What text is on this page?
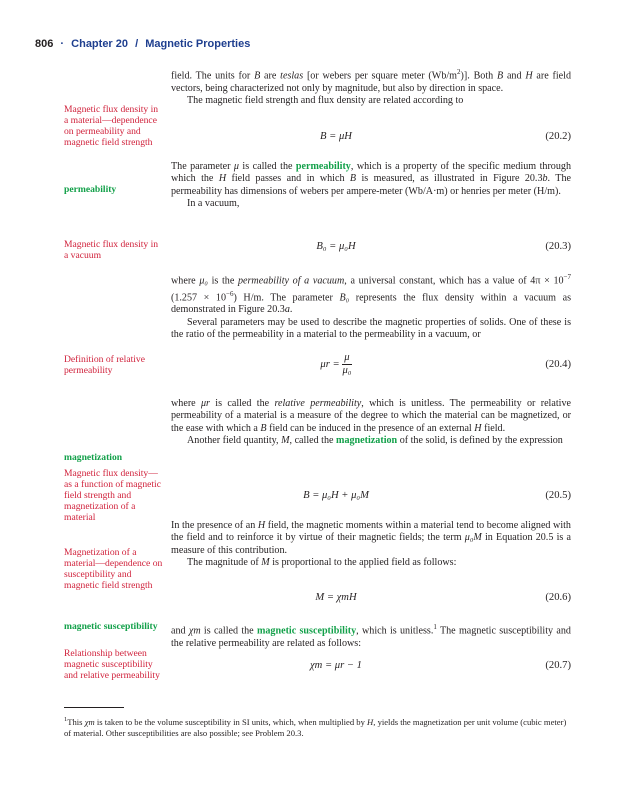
806 · Chapter 20 / Magnetic Properties
Magnetic flux density in a material—dependence on permeability and magnetic field strength
permeability
Magnetic flux density in a vacuum
Definition of relative permeability
magnetization
Magnetic flux density—as a function of magnetic field strength and magnetization of a material
Magnetization of a material—dependence on susceptibility and magnetic field strength
magnetic susceptibility
Relationship between magnetic susceptibility and relative permeability

field. The units for B are teslas [or webers per square meter $(Wb/m^2)$]. Both B and H are field vectors, being characterized not only by magnitude, but also by direction in space.

The magnetic field strength and flux density are related according to

B = μH	(20.2)

The parameter μ is called the permeability, which is a property of the specific medium through which the H field passes and in which B is measured, as illustrated in Figure 20.3b. The permeability has dimensions of webers per ampere-meter (Wb/A·m) or henries per meter (H/m).

In a vacuum,

B₀ = μ₀H	(20.3)

where μ₀ is the permeability of a vacuum, a universal constant, which has a value of $4\pi \times 10^{-7}$ $(1.257 \times 10^{-6})$ H/m. The parameter B₀ represents the flux density within a vacuum as demonstrated in Figure 20.3a.

Several parameters may be used to describe the magnetic properties of solids. One of these is the ratio of the permeability in a material to the permeability in a vacuum, or

$\mu r = \frac{\mu}{\text{μ₀}}$	(20.4)

where μr is called the relative permeability, which is unitless. The permeability or relative permeability of a material is a measure of the degree to which the material can be magnetized, or the ease with which a B field can be induced in the presence of an external H field.

Another field quantity, M, called the magnetization of the solid, is defined by the expression

B = μ₀H + μ₀M	(20.5)

In the presence of an H field, the magnetic moments within a material tend to become aligned with the field and to reinforce it by virtue of their magnetic fields; the term μ₀M in Equation 20.5 is a measure of this contribution.

The magnitude of M is proportional to the applied field as follows:

M = χmH	(20.6)

and χm is called the magnetic susceptibility, which is unitless.$^1$ The magnetic susceptibility and the relative permeability are related as follows:

χm = μr − 1	(20.7)
$^1$This χm is taken to be the volume susceptibility in SI units, which, when multiplied by H, yields the magnetization per unit volume (cubic meter) of material. Other susceptibilities are also possible; see Problem 20.3.
